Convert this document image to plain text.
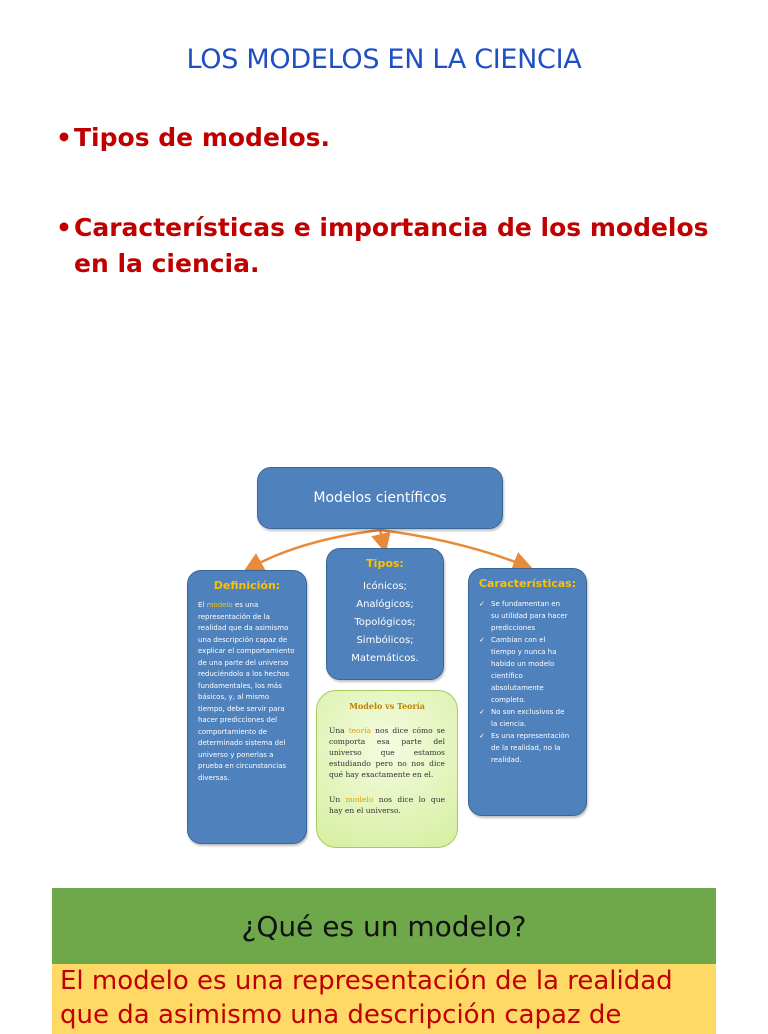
LOS MODELOS EN LA CIENCIA
• Tipos de modelos.
• Características e importancia de los modelos en la ciencia.
Modelos científicos
Definición:
El modelo es una representación de la realidad que da asimismo una descripción capaz de explicar el comportamiento de una parte del universo reduciéndolo a los hechos fundamentales, los más básicos, y, al mismo tiempo, debe servir para hacer predicciones del comportamiento de determinado sistema del universo y ponerlas a prueba en circunstancias diversas.
Tipos:
Icónicos;
Analógicos;
Topológicos;
Simbólicos;
Matemáticos.
Características:
✓ Se fundamentan en su utilidad para hacer predicciones
✓ Cambian con el tiempo y nunca ha habido un modelo científico absolutamente completo.
✓ No son exclusivos de la ciencia.
✓ Es una representación de la realidad, no la realidad.
Modelo vs Teoría

Una teoría nos dice cómo se comporta esa parte del universo que estamos estudiando pero no nos dice qué hay exactamente en el.

Un modelo nos dice lo que hay en el universo.

¿Qué es un modelo?
El modelo es una representación de la realidad que da asimismo una descripción capaz de
